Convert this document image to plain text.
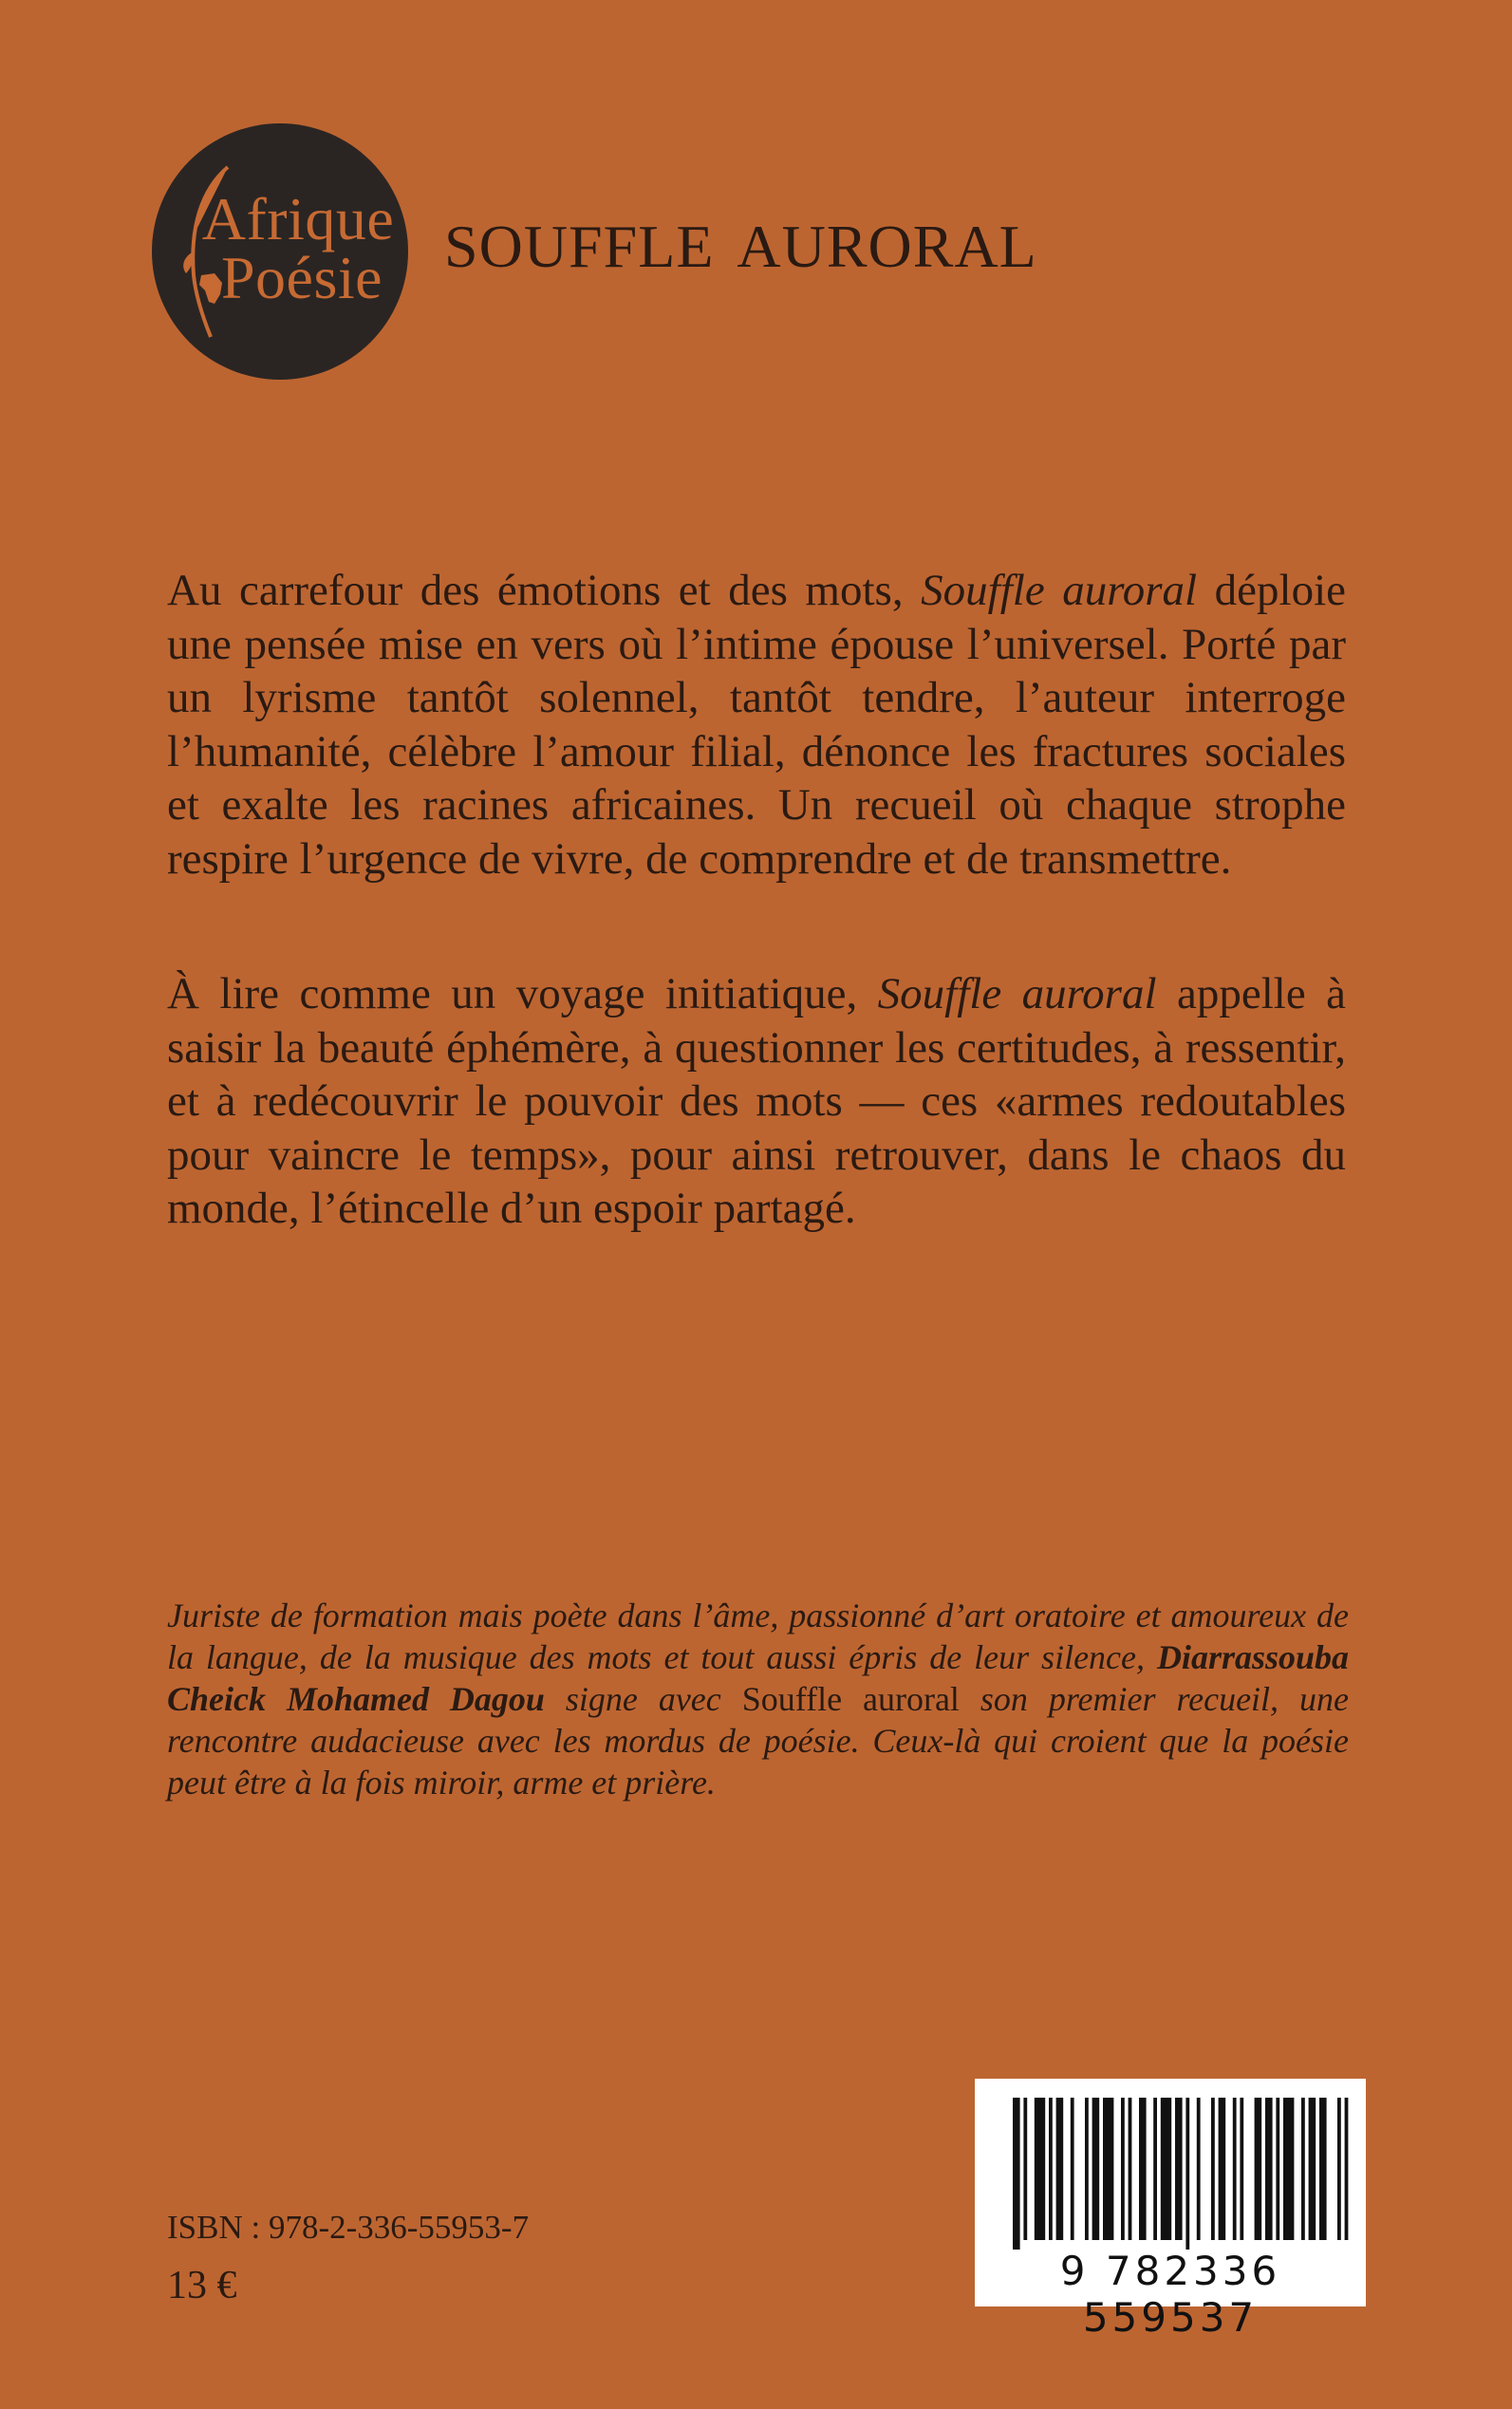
Afrique
Poésie souffle auroral
Au carrefour des émotions et des mots, Souffle auroral déploie une pensée mise en vers où l’intime épouse l’universel. Porté par un lyrisme tantôt solennel, tantôt tendre, l’auteur interroge l’humanité, célèbre l’amour filial, dénonce les fractures sociales et exalte les racines africaines. Un recueil où chaque strophe respire l’urgence de vivre, de comprendre et de transmettre.
À lire comme un voyage initiatique, Souffle auroral appelle à saisir la beauté éphémère, à questionner les certitudes, à ressentir, et à redécouvrir le pouvoir des mots — ces «armes redoutables pour vaincre le temps», pour ainsi retrouver, dans le chaos du monde, l’étincelle d’un espoir partagé.
Juriste de formation mais poète dans l’âme, passionné d’art oratoire et amoureux de la langue, de la musique des mots et tout aussi épris de leur silence, Diarrassouba Cheick Mohamed Dagou signe avec Souffle auroral son premier recueil, une rencontre audacieuse avec les mordus de poésie. Ceux-là qui croient que la poésie peut être à la fois miroir, arme et prière.
ISBN : 978-2-336-55953-7
13 €	9 782336 559537
